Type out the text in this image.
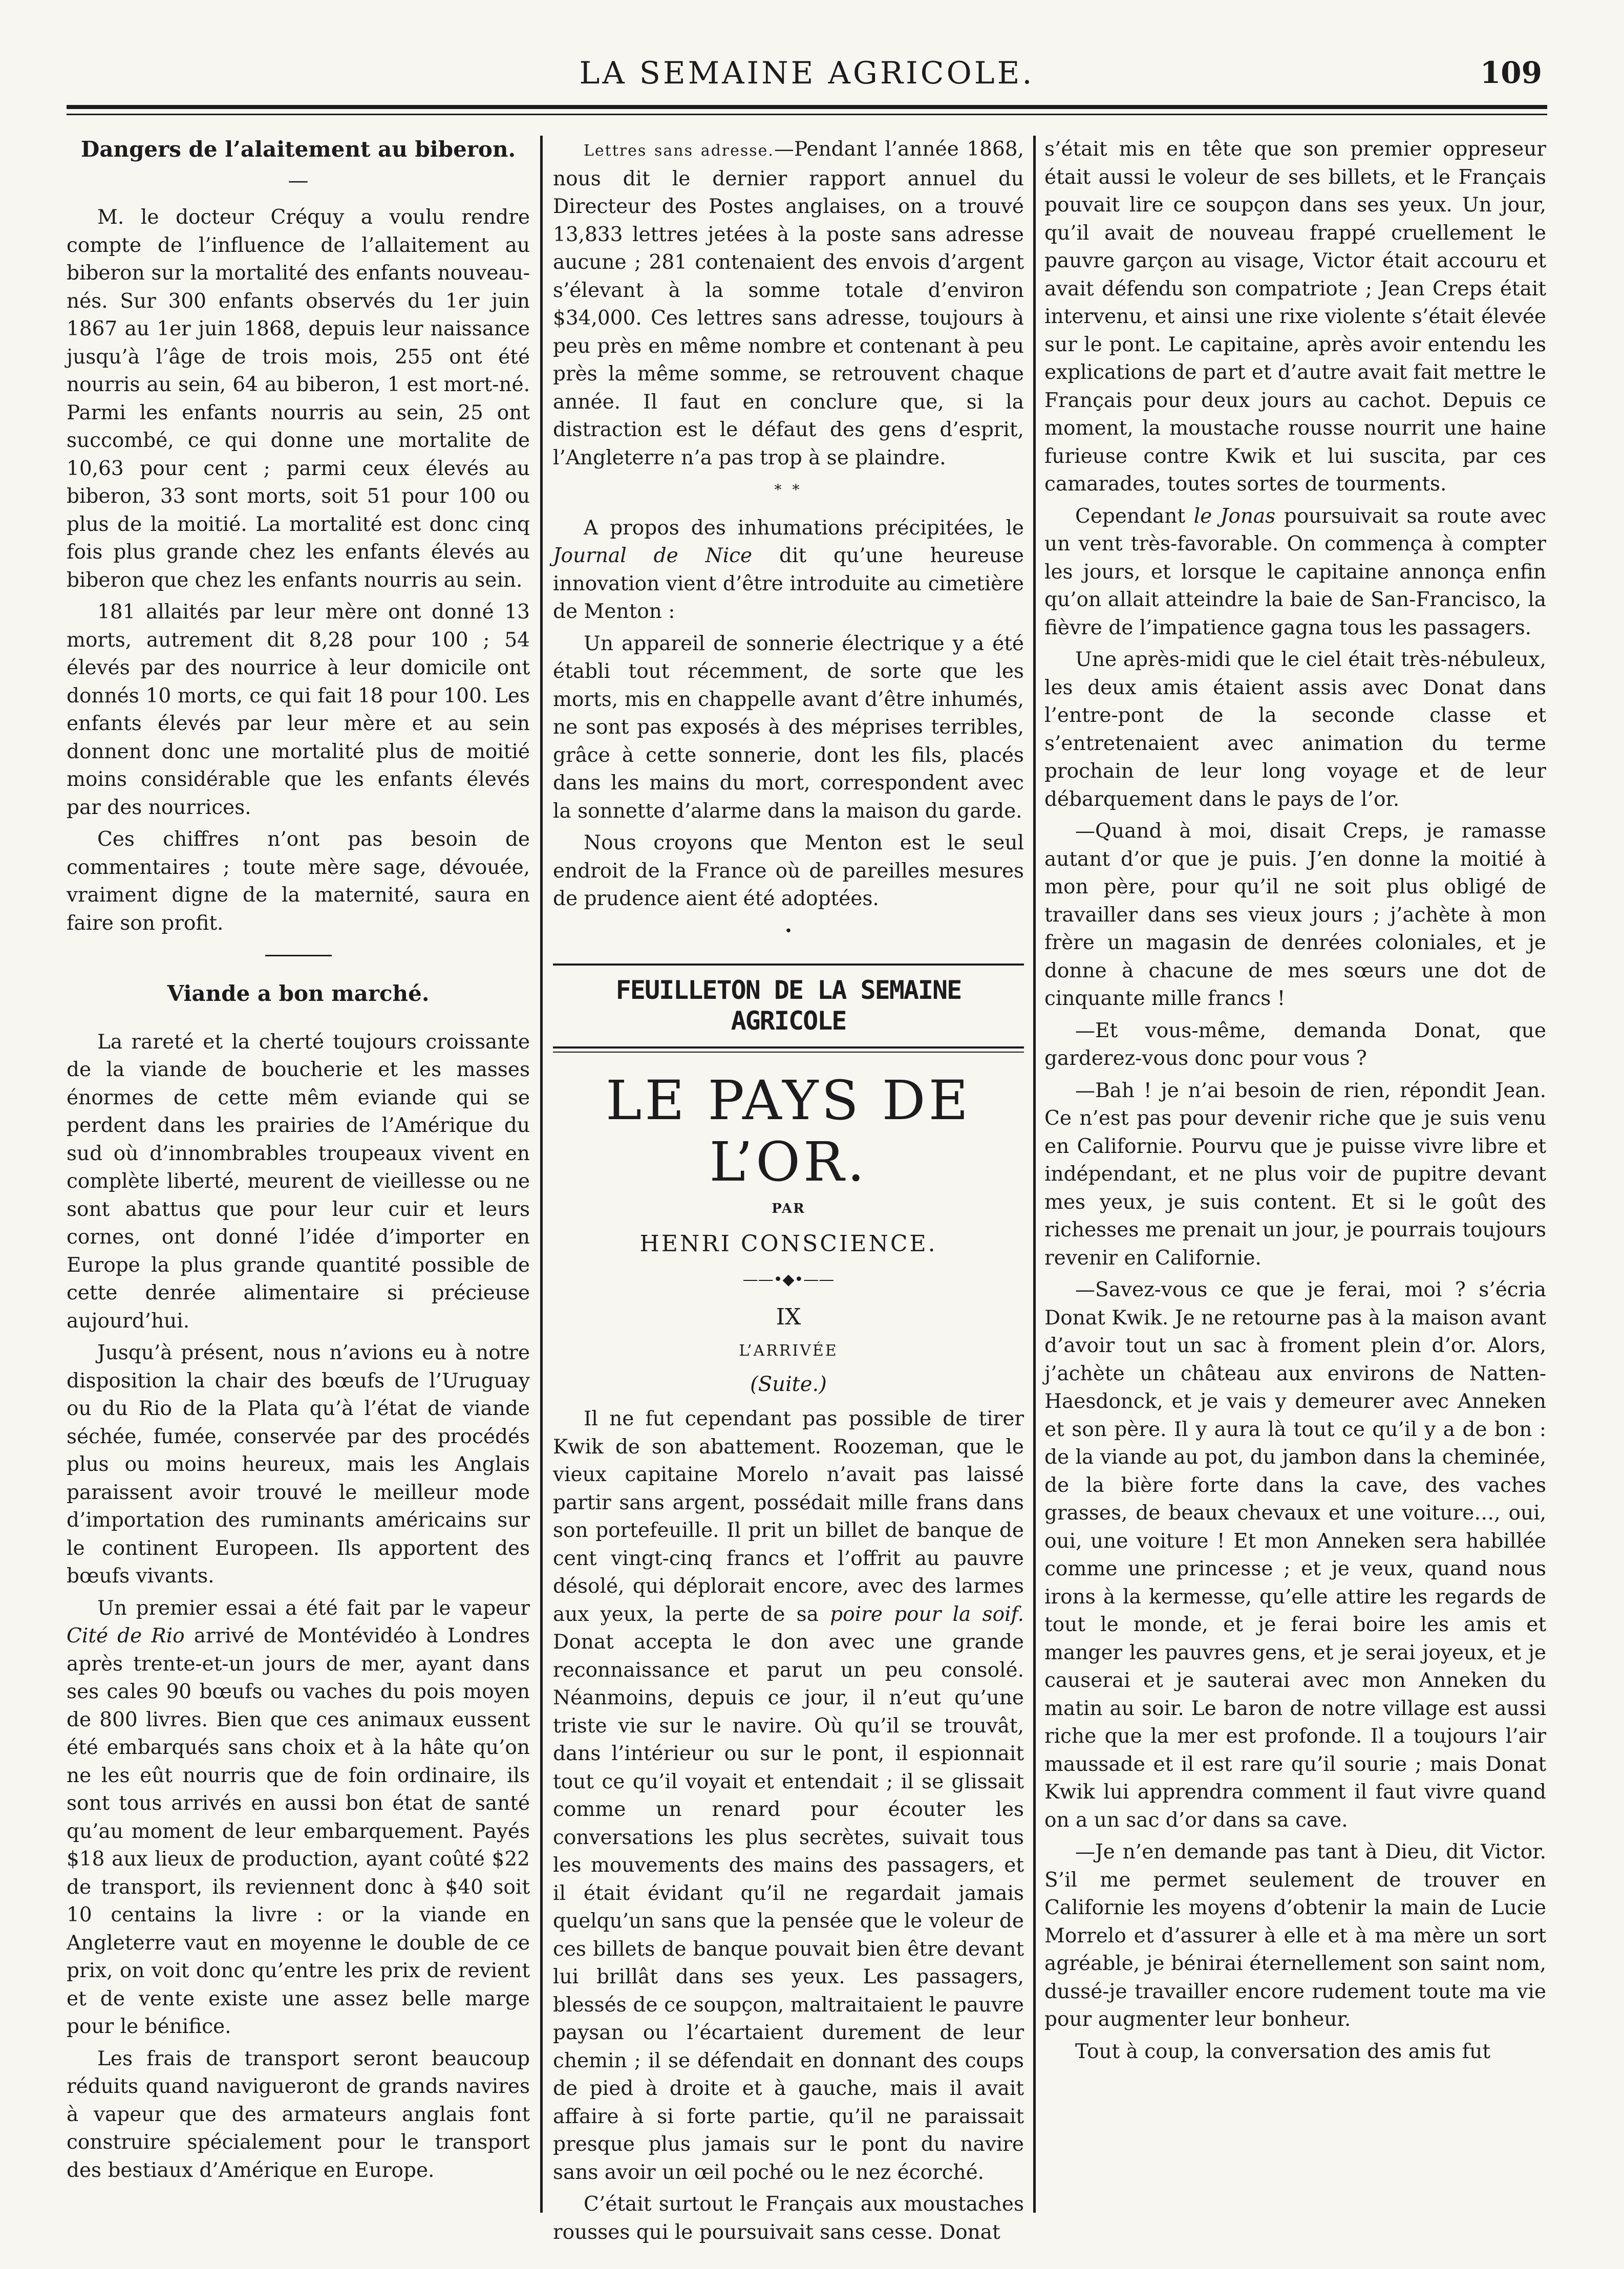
LA SEMAINE AGRICOLE.	109
Dangers de l’alaitement au biberon.
—

M. le docteur Créquy a voulu rendre compte de l’influence de l’allaitement au biberon sur la mortalité des enfants nouveau-nés. Sur 300 enfants observés du 1er juin 1867 au 1er juin 1868, depuis leur naissance jusqu’à l’âge de trois mois, 255 ont été nourris au sein, 64 au biberon, 1 est mort-né. Parmi les enfants nourris au sein, 25 ont succombé, ce qui donne une mortalite de 10,63 pour cent ; parmi ceux élevés au biberon, 33 sont morts, soit 51 pour 100 ou plus de la moitié. La mortalité est donc cinq fois plus grande chez les enfants élevés au biberon que chez les enfants nourris au sein.

181 allaités par leur mère ont donné 13 morts, autrement dit 8,28 pour 100 ; 54 élevés par des nourrice à leur domicile ont donnés 10 morts, ce qui fait 18 pour 100. Les enfants élevés par leur mère et au sein donnent donc une mortalité plus de moitié moins considérable que les enfants élevés par des nourrices.

Ces chiffres n’ont pas besoin de commentaires ; toute mère sage, dévouée, vraiment digne de la maternité, saura en faire son profit.

Viande a bon marché.

La rareté et la cherté toujours croissante de la viande de boucherie et les masses énormes de cette mêm eviande qui se perdent dans les prairies de l’Amérique du sud où d’innombrables troupeaux vivent en complète liberté, meurent de vieillesse ou ne sont abattus que pour leur cuir et leurs cornes, ont donné l’idée d’importer en Europe la plus grande quantité possible de cette denrée alimentaire si précieuse aujourd’hui.

Jusqu’à présent, nous n’avions eu à notre disposition la chair des bœufs de l’Uruguay ou du Rio de la Plata qu’à l’état de viande séchée, fumée, conservée par des procédés plus ou moins heureux, mais les Anglais paraissent avoir trouvé le meilleur mode d’importation des ruminants américains sur le continent Europeen. Ils apportent des bœufs vivants.

Un premier essai a été fait par le vapeur Cité de Rio arrivé de Montévidéo à Londres après trente-et-un jours de mer, ayant dans ses cales 90 bœufs ou vaches du pois moyen de 800 livres. Bien que ces animaux eussent été embarqués sans choix et à la hâte qu’on ne les eût nourris que de foin ordinaire, ils sont tous arrivés en aussi bon état de santé qu’au moment de leur embarquement. Payés $18 aux lieux de production, ayant coûté $22 de transport, ils reviennent donc à $40 soit 10 centains la livre : or la viande en Angleterre vaut en moyenne le double de ce prix, on voit donc qu’entre les prix de revient et de vente existe une assez belle marge pour le bénifice.

Les frais de transport seront beaucoup réduits quand navigueront de grands navires à vapeur que des armateurs anglais font construire spécialement pour le transport des bestiaux d’Amérique en Europe.

Lettres sans adresse.—Pendant l’année 1868, nous dit le dernier rapport annuel du Directeur des Postes anglaises, on a trouvé 13,833 lettres jetées à la poste sans adresse aucune ; 281 contenaient des envois d’argent s’élevant à la somme totale d’environ $34,000. Ces lettres sans adresse, toujours à peu près en même nombre et contenant à peu près la même somme, se retrouvent chaque année. Il faut en conclure que, si la distraction est le défaut des gens d’esprit, l’Angleterre n’a pas trop à se plaindre.

* *

A propos des inhumations précipitées, le Journal de Nice dit qu’une heureuse innovation vient d’être introduite au cimetière de Menton :

Un appareil de sonnerie électrique y a été établi tout récemment, de sorte que les morts, mis en chappelle avant d’être inhumés, ne sont pas exposés à des méprises terribles, grâce à cette sonnerie, dont les fils, placés dans les mains du mort, correspondent avec la sonnette d’alarme dans la maison du garde.

Nous croyons que Menton est le seul endroit de la France où de pareilles mesures de prudence aient été adoptées.

•
FEUILLETON DE LA SEMAINE AGRICOLE
LE PAYS DE L’OR.
PAR
HENRI CONSCIENCE.
——•◆•——
IX
L’ARRIVÉE
(Suite.)

Il ne fut cependant pas possible de tirer Kwik de son abattement. Roozeman, que le vieux capitaine Morelo n’avait pas laissé partir sans argent, possédait mille frans dans son portefeuille. Il prit un billet de banque de cent vingt-cinq francs et l’offrit au pauvre désolé, qui déplorait encore, avec des larmes aux yeux, la perte de sa poire pour la soif. Donat accepta le don avec une grande reconnaissance et parut un peu consolé. Néanmoins, depuis ce jour, il n’eut qu’une triste vie sur le navire. Où qu’il se trouvât, dans l’intérieur ou sur le pont, il espionnait tout ce qu’il voyait et entendait ; il se glissait comme un renard pour écouter les conversations les plus secrètes, suivait tous les mouvements des mains des passagers, et il était évidant qu’il ne regardait jamais quelqu’un sans que la pensée que le voleur de ces billets de banque pouvait bien être devant lui brillât dans ses yeux. Les passagers, blessés de ce soupçon, maltraitaient le pauvre paysan ou l’écartaient durement de leur chemin ; il se défendait en donnant des coups de pied à droite et à gauche, mais il avait affaire à si forte partie, qu’il ne paraissait presque plus jamais sur le pont du navire sans avoir un œil poché ou le nez écorché.

C’était surtout le Français aux moustaches rousses qui le poursuivait sans cesse. Donat

s’était mis en tête que son premier oppreseur était aussi le voleur de ses billets, et le Français pouvait lire ce soupçon dans ses yeux. Un jour, qu’il avait de nouveau frappé cruellement le pauvre garçon au visage, Victor était accouru et avait défendu son compatriote ; Jean Creps était intervenu, et ainsi une rixe violente s’était élevée sur le pont. Le capitaine, après avoir entendu les explications de part et d’autre avait fait mettre le Français pour deux jours au cachot. Depuis ce moment, la moustache rousse nourrit une haine furieuse contre Kwik et lui suscita, par ces camarades, toutes sortes de tourments.

Cependant le Jonas poursuivait sa route avec un vent très-favorable. On commença à compter les jours, et lorsque le capitaine annonça enfin qu’on allait atteindre la baie de San-Francisco, la fièvre de l’impatience gagna tous les passagers.

Une après-midi que le ciel était très-nébuleux, les deux amis étaient assis avec Donat dans l’entre-pont de la seconde classe et s’entretenaient avec animation du terme prochain de leur long voyage et de leur débarquement dans le pays de l’or.

—Quand à moi, disait Creps, je ramasse autant d’or que je puis. J’en donne la moitié à mon père, pour qu’il ne soit plus obligé de travailler dans ses vieux jours ; j’achète à mon frère un magasin de denrées coloniales, et je donne à chacune de mes sœurs une dot de cinquante mille francs !

—Et vous-même, demanda Donat, que garderez-vous donc pour vous ?

—Bah ! je n’ai besoin de rien, répondit Jean. Ce n’est pas pour devenir riche que je suis venu en Californie. Pourvu que je puisse vivre libre et indépendant, et ne plus voir de pupitre devant mes yeux, je suis content. Et si le goût des richesses me prenait un jour, je pourrais toujours revenir en Californie.

—Savez-vous ce que je ferai, moi ? s’écria Donat Kwik. Je ne retourne pas à la maison avant d’avoir tout un sac à froment plein d’or. Alors, j’achète un château aux environs de Natten-Haesdonck, et je vais y demeurer avec Anneken et son père. Il y aura là tout ce qu’il y a de bon : de la viande au pot, du jambon dans la cheminée, de la bière forte dans la cave, des vaches grasses, de beaux chevaux et une voiture…, oui, oui, une voiture ! Et mon Anneken sera habillée comme une princesse ; et je veux, quand nous irons à la kermesse, qu’elle attire les regards de tout le monde, et je ferai boire les amis et manger les pauvres gens, et je serai joyeux, et je causerai et je sauterai avec mon Anneken du matin au soir. Le baron de notre village est aussi riche que la mer est profonde. Il a toujours l’air maussade et il est rare qu’il sourie ; mais Donat Kwik lui apprendra comment il faut vivre quand on a un sac d’or dans sa cave.

—Je n’en demande pas tant à Dieu, dit Victor. S’il me permet seulement de trouver en Californie les moyens d’obtenir la main de Lucie Morrelo et d’assurer à elle et à ma mère un sort agréable, je bénirai éternellement son saint nom, dussé-je travailler encore rudement toute ma vie pour augmenter leur bonheur.

Tout à coup, la conversation des amis fut
